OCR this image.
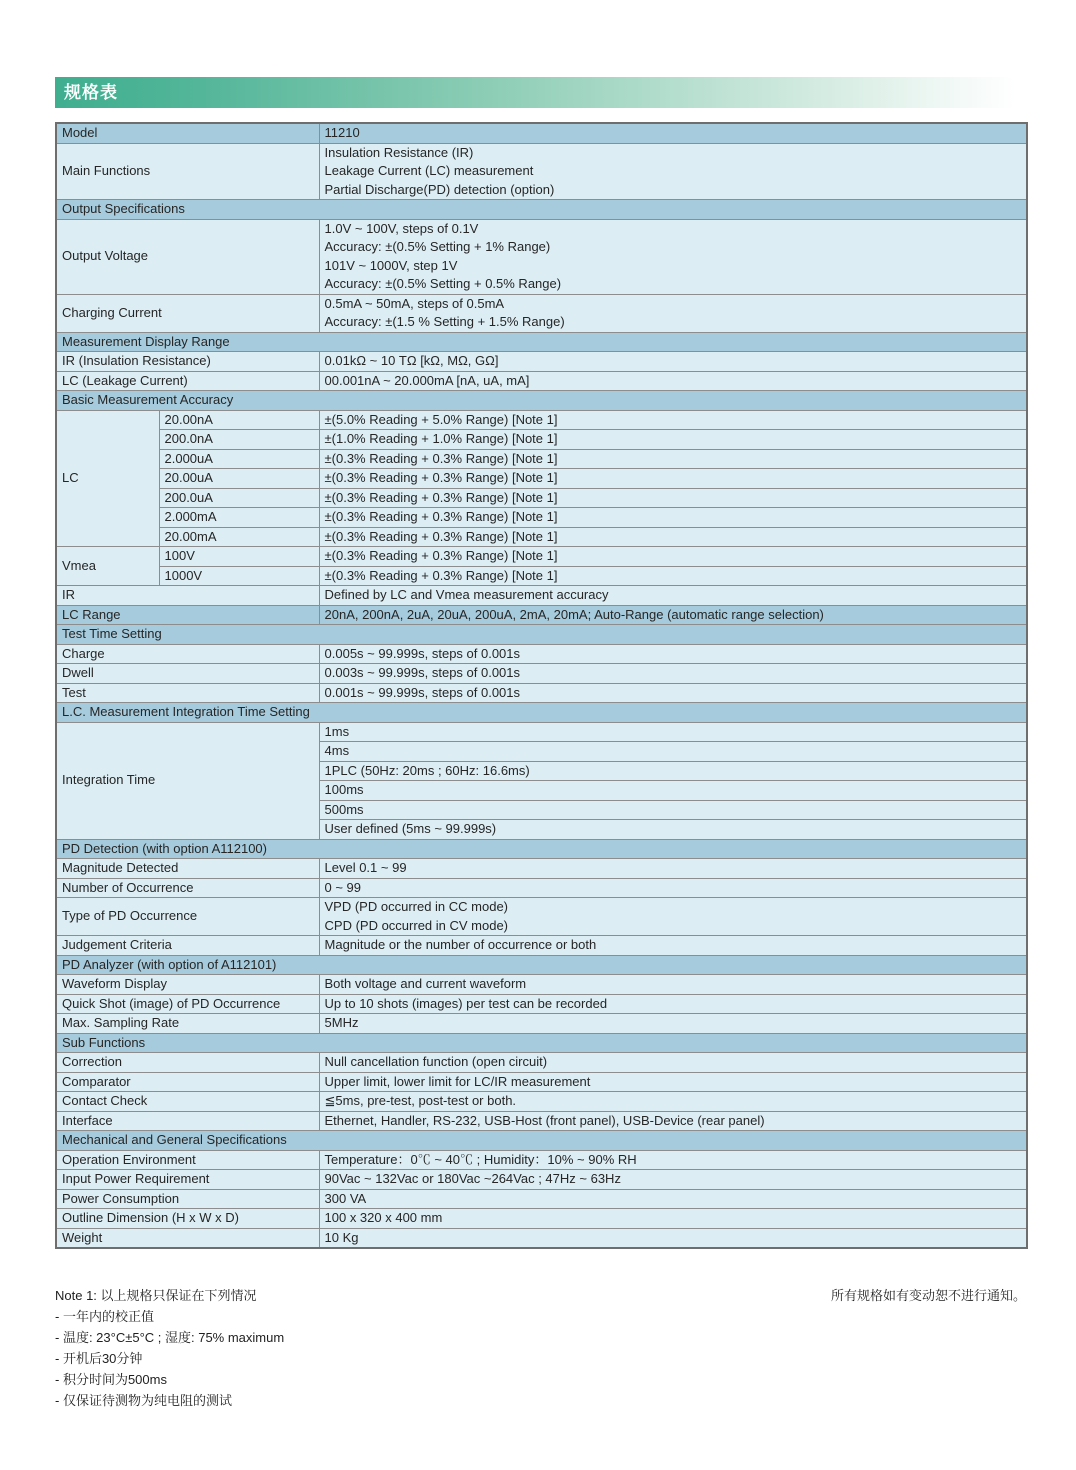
规格表
Model		11210
Main Functions		Insulation Resistance (IR)
Leakage Current (LC) measurement
Partial Discharge(PD) detection (option)

Output Specifications		
Output Voltage		1.0V ~ 100V, steps of 0.1V
Accuracy: ±(0.5% Setting + 1% Range)
101V ~ 1000V, step 1V
Accuracy: ±(0.5% Setting + 0.5% Range)

Charging Current		0.5mA ~ 50mA, steps of 0.5mA
Accuracy: ±(1.5 % Setting + 1.5% Range)

Measurement Display Range		
IR (Insulation Resistance)		0.01kΩ ~ 10 TΩ [kΩ, MΩ, GΩ]
LC (Leakage Current)		00.001nA ~ 20.000mA [nA, uA, mA]
Basic Measurement Accuracy		
LC	20.00nA	±(5.0% Reading + 5.0% Range) [Note 1]
	200.0nA	±(1.0% Reading + 1.0% Range) [Note 1]
	2.000uA	±(0.3% Reading + 0.3% Range) [Note 1]
	20.00uA	±(0.3% Reading + 0.3% Range) [Note 1]
	200.0uA	±(0.3% Reading + 0.3% Range) [Note 1]
	2.000mA	±(0.3% Reading + 0.3% Range) [Note 1]
	20.00mA	±(0.3% Reading + 0.3% Range) [Note 1]
Vmea	100V	±(0.3% Reading + 0.3% Range) [Note 1]
	1000V	±(0.3% Reading + 0.3% Range) [Note 1]
IR		Defined by LC and Vmea measurement accuracy
LC Range		20nA, 200nA, 2uA, 20uA, 200uA, 2mA, 20mA; Auto-Range (automatic range selection)
Test Time Setting		
Charge		0.005s ~ 99.999s, steps of 0.001s
Dwell		0.003s ~ 99.999s, steps of 0.001s
Test		0.001s ~ 99.999s, steps of 0.001s
L.C. Measurement Integration Time Setting		
Integration Time		1ms
		4ms
		1PLC (50Hz: 20ms ; 60Hz: 16.6ms)
		100ms
		500ms
		User defined (5ms ~ 99.999s)
PD Detection (with option A112100)		
Magnitude Detected		Level 0.1 ~ 99
Number of Occurrence		0 ~ 99
Type of PD Occurrence		VPD (PD occurred in CC mode)
CPD (PD occurred in CV mode)

Judgement Criteria		Magnitude or the number of occurrence or both
PD Analyzer (with option of A112101)		
Waveform Display		Both voltage and current waveform
Quick Shot (image) of PD Occurrence		Up to 10 shots (images) per test can be recorded
Max. Sampling Rate		5MHz
Sub Functions		
Correction		Null cancellation function (open circuit)
Comparator		Upper limit, lower limit for LC/IR measurement
Contact Check		≦5ms, pre-test, post-test or both.
Interface		Ethernet, Handler, RS-232, USB-Host (front panel), USB-Device (rear panel)
Mechanical and General Specifications		
Operation Environment		Temperature：0℃ ~ 40℃ ; Humidity：10% ~ 90% RH
Input Power Requirement		90Vac ~ 132Vac or 180Vac ~264Vac ; 47Hz ~ 63Hz
Power Consumption		300 VA
Outline Dimension (H x W x D)		100 x 320 x 400 mm
Weight		10 Kg
Note 1: 以上规格只保证在下列情况	所有规格如有变动恕不进行通知。
- 一年内的校正值
- 温度: 23°C±5°C ; 湿度: 75% maximum
- 开机后30分钟
- 积分时间为500ms
- 仅保证待测物为纯电阻的测试
